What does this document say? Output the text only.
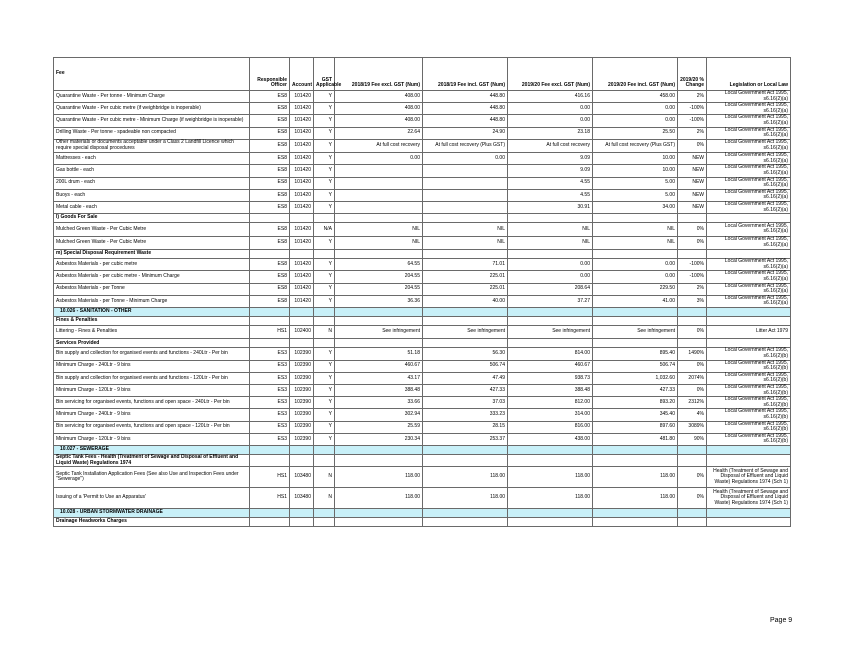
Fee	Responsible Officer	Account	GST Applicable	2018/19 Fee excl. GST (Num)	2018/19 Fee incl. GST (Num)	2019/20 Fee excl. GST (Num)	2019/20 Fee incl. GST (Num)	2019/20 % Change	Legislation or Local Law
Quarantine Waste - Per tonne - Minimum Charge	ES8	101420	Y	408.00	448.80	416.16	458.00	2%	Local Government Act 1995, s6.16(2)(a)
Quarantine Waste - Per cubic metre (if weighbridge is inoperable)	ES8	101420	Y	408.00	448.80	0.00	0.00	-100%	Local Government Act 1995, s6.16(2)(a)
Quarantine Waste - Per cubic metre - Minimum Charge (if weighbridge is inoperable)	ES8	101420	Y	408.00	448.80	0.00	0.00	-100%	Local Government Act 1995, s6.16(2)(a)
Drilling Waste - Per tonne - spadeable non compacted	ES8	101420	Y	22.64	24.90	23.18	25.50	2%	Local Government Act 1995, s6.16(2)(a)
Other materials or documents acceptable under a Class 2 Landfill Licence which require special disposal procedures	ES8	101420	Y	At full cost recovery	At full cost recovery (Plus GST)	At full cost recovery	At full cost recovery (Plus GST)	0%	Local Government Act 1995, s6.16(2)(a)
Mattresses - each	ES8	101420	Y	0.00	0.00	9.09	10.00	NEW	Local Government Act 1995, s6.16(2)(a)
Gas bottle - each	ES8	101420	Y			9.09	10.00	NEW	Local Government Act 1995, s6.16(2)(a)
200L drum - each	ES8	101420	Y			4.55	5.00	NEW	Local Government Act 1995, s6.16(2)(a)
Buoys - each	ES8	101420	Y			4.55	5.00	NEW	Local Government Act 1995, s6.16(2)(a)
Metal cable - each	ES8	101420	Y			30.91	34.00	NEW	Local Government Act 1995, s6.16(2)(a)
l) Goods For Sale									
Mulched Green Waste - Per Cubic Metre	ES8	101420	N/A	NIL	NIL	NIL	NIL	0%	Local Government Act 1995, s6.16(2)(a)
Mulched Green Waste - Per Cubic Metre	ES8	101420	Y	NIL	NIL	NIL	NIL	0%	Local Government Act 1995, s6.16(2)(a)
m) Special Disposal Requirement Waste									
Asbestos Materials - per cubic metre	ES8	101420	Y	64.55	71.01	0.00	0.00	-100%	Local Government Act 1995, s6.16(2)(a)
Asbestos Materials - per cubic metre - Minimum Charge	ES8	101420	Y	204.55	225.01	0.00	0.00	-100%	Local Government Act 1995, s6.16(2)(a)
Asbestos Materials - per Tonne	ES8	101420	Y	204.55	225.01	208.64	229.50	2%	Local Government Act 1995, s6.16(2)(a)
Asbestos Materials - per Tonne - Minimum Charge	ES8	101420	Y	36.36	40.00	37.27	41.00	3%	Local Government Act 1995, s6.16(2)(a)
10.026 - SANITATION - OTHER									
Fines & Penalties									
Littering - Fines & Penalties	HS1	102400	N	See infringement	See infringement	See infringement	See infringement	0%	Litter Act 1979
Services Provided									
Bin supply and collection for organised events and functions - 240Ltr - Per bin	ES3	102390	Y	51.18	56.30	814.00	895.40	1490%	Local Government Act 1995, s6.16(2)(b)
Minimum Charge - 240Ltr - 9 bins	ES3	102390	Y	460.67	506.74	460.67	506.74	0%	Local Government Act 1995, s6.16(2)(b)
Bin supply and collection for organised events and functions - 120Ltr - Per bin	ES3	102390	Y	43.17	47.49	938.73	1,032.60	2074%	Local Government Act 1995, s6.16(2)(b)
Minimum Charge - 120Ltr - 9 bins	ES3	102390	Y	388.48	427.33	388.48	427.33	0%	Local Government Act 1995, s6.16(2)(b)
Bin servicing for organised events, functions and open space - 240Ltr - Per bin	ES3	102390	Y	33.66	37.03	812.00	893.20	2312%	Local Government Act 1995, s6.16(2)(b)
Minimum Charge - 240Ltr - 9 bins	ES3	102390	Y	302.94	333.23	314.00	345.40	4%	Local Government Act 1995, s6.16(2)(b)
Bin servicing for organised events, functions and open space - 120Ltr - Per bin	ES3	102390	Y	25.59	28.15	816.00	897.60	3089%	Local Government Act 1995, s6.16(2)(b)
Minimum Charge - 120Ltr - 9 bins	ES3	102390	Y	230.34	253.37	438.00	481.80	90%	Local Government Act 1995, s6.16(2)(b)
10.027 - SEWERAGE									
Septic Tank Fees - Health (Treatment of Sewage and Disposal of Effluent and Liquid Waste) Regulations 1974									
Septic Tank Installation Application Fees (See also Use and Inspection Fees under "Sewerage")	HS1	103480	N	118.00	118.00	118.00	118.00	0%	Health (Treatment of Sewage and Disposal of Effluent and Liquid Waste) Regulations 1974 (Sch 1)
Issuing of a 'Permit to Use an Apparatus'	HS1	103480	N	118.00	118.00	118.00	118.00	0%	Health (Treatment of Sewage and Disposal of Effluent and Liquid Waste) Regulations 1974 (Sch 1)
10.028 - URBAN STORMWATER DRAINAGE									
Drainage Headworks Charges									
Page 9
